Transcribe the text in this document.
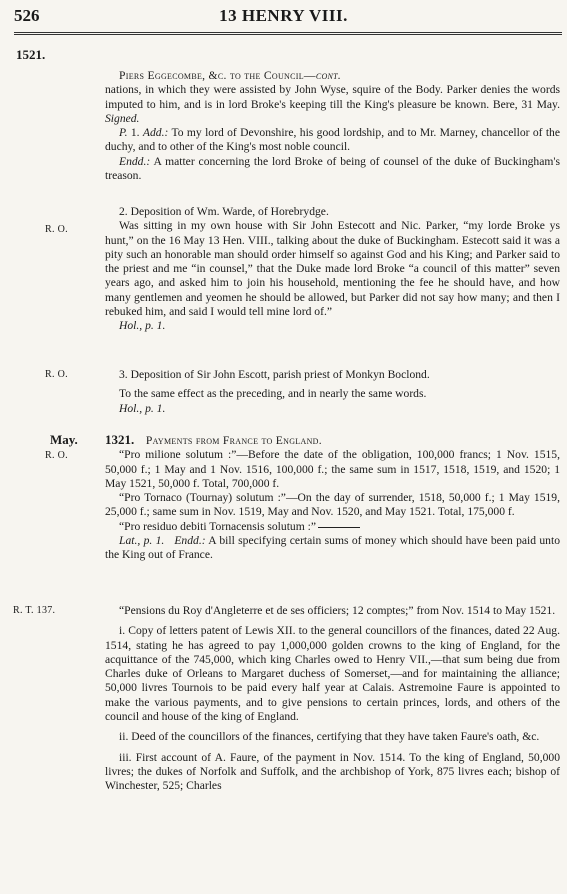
526	13 HENRY VIII.
1521.

Piers Eggecombe, &c. to the Council—cont.

nations, in which they were assisted by John Wyse, squire of the Body. Parker denies the words imputed to him, and is in lord Broke's keeping till the King's pleasure be known. Bere, 31 May. Signed.

P. 1. Add.: To my lord of Devonshire, his good lordship, and to Mr. Marney, chancellor of the duchy, and to other of the King's most noble council.

Endd.: A matter concerning the lord Broke of being of counsel of the duke of Buckingham's treason.

R. O.

2. Deposition of Wm. Warde, of Horebrydge.

Was sitting in my own house with Sir John Estecott and Nic. Parker, “my lorde Broke ys hunt,” on the 16 May 13 Hen. VIII., talking about the duke of Buckingham. Estecott said it was a pity such an honorable man should order himself so against God and his King; and Parker said to the priest and me “in counsel,” that the Duke made lord Broke “a council of this matter” seven years ago, and asked him to join his household, mentioning the fee he should have, and how many gentlemen and yeomen he should be allowed, but Parker did not say how many; and then I rebuked him, and said I would tell mine lord of.”

Hol., p. 1.

R. O.	3. Deposition of Sir John Escott, parish priest of Monkyn Boclond.

To the same effect as the preceding, and in nearly the same words.

Hol., p. 1.

May.
R. O.

1321. Payments from France to England.

“Pro milione solutum :”—Before the date of the obligation, 100,000 francs; 1 Nov. 1515, 50,000 f.; 1 May and 1 Nov. 1516, 100,000 f.; the same sum in 1517, 1518, 1519, and 1520; 1 May 1521, 50,000 f. Total, 700,000 f.

“Pro Tornaco (Tournay) solutum :”—On the day of surrender, 1518, 50,000 f.; 1 May 1519, 25,000 f.; same sum in Nov. 1519, May and Nov. 1520, and May 1521. Total, 175,000 f.

“Pro residuo debiti Tornacensis solutum :”

Lat., p. 1. Endd.: A bill specifying certain sums of money which should have been paid unto the King out of France.

R. T. 137.	“Pensions du Roy d'Angleterre et de ses officiers; 12 comptes;” from Nov. 1514 to May 1521.

i. Copy of letters patent of Lewis XII. to the general councillors of the finances, dated 22 Aug. 1514, stating he has agreed to pay 1,000,000 golden crowns to the king of England, for the acquittance of the 745,000, which king Charles owed to Henry VII.,—that sum being due from Charles duke of Orleans to Margaret duchess of Somerset,—and for maintaining the alliance; 50,000 livres Tournois to be paid every half year at Calais. Astremoine Faure is appointed to make the various payments, and to give pensions to certain princes, lords, and others of the council and house of the king of England.

ii. Deed of the councillors of the finances, certifying that they have taken Faure's oath, &c.

iii. First account of A. Faure, of the payment in Nov. 1514. To the king of England, 50,000 livres; the dukes of Norfolk and Suffolk, and the archbishop of York, 875 livres each; bishop of Winchester, 525; Charles
